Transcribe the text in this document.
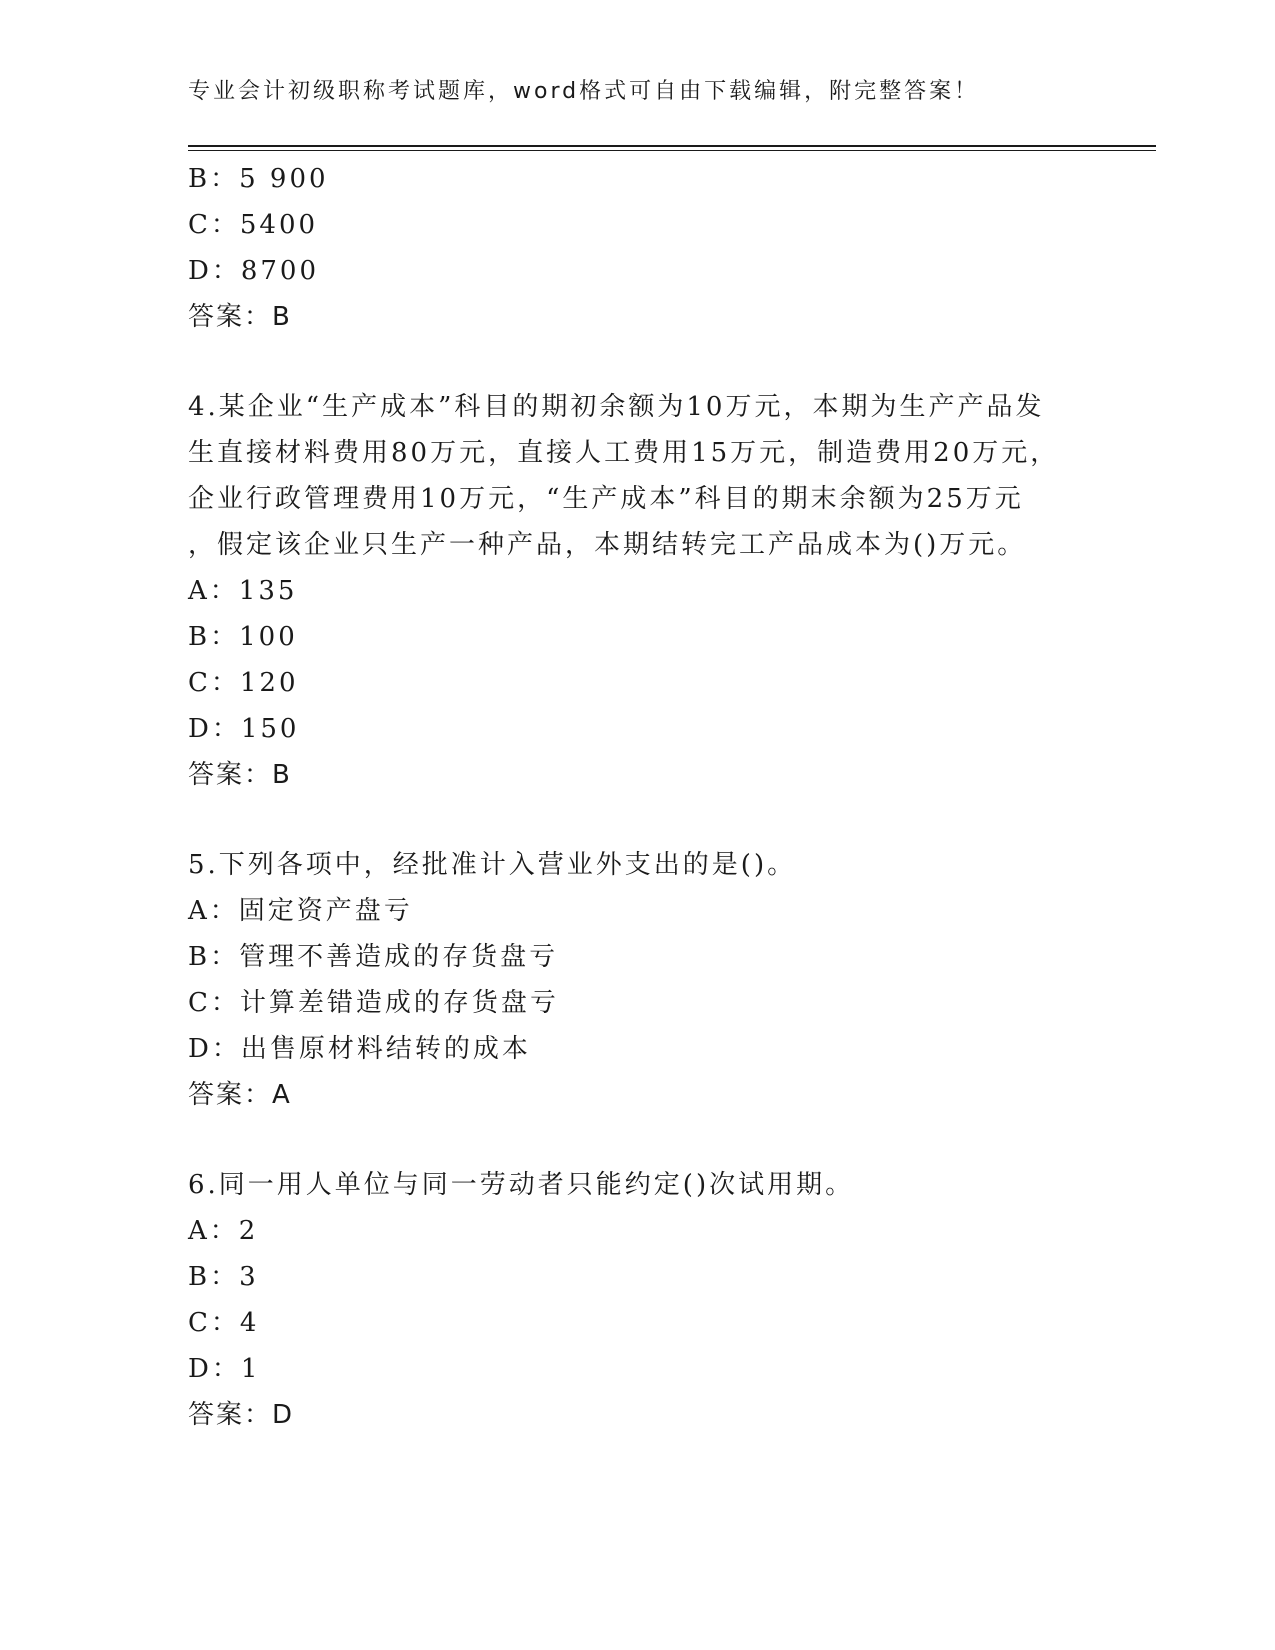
专业会计初级职称考试题库，word格式可自由下载编辑，附完整答案！
B：5 900
C：5400
D：8700
答案：B
4.某企业“生产成本”科目的期初余额为10万元，本期为生产产品发
生直接材料费用80万元，直接人工费用15万元，制造费用20万元，
企业行政管理费用10万元，“生产成本”科目的期末余额为25万元
，假定该企业只生产一种产品，本期结转完工产品成本为()万元。
A：135
B：100
C：120
D：150
答案：B
5.下列各项中，经批准计入营业外支出的是()。
A：固定资产盘亏
B：管理不善造成的存货盘亏
C：计算差错造成的存货盘亏
D：出售原材料结转的成本
答案：A
6.同一用人单位与同一劳动者只能约定()次试用期。
A：2
B：3
C：4
D：1
答案：D
